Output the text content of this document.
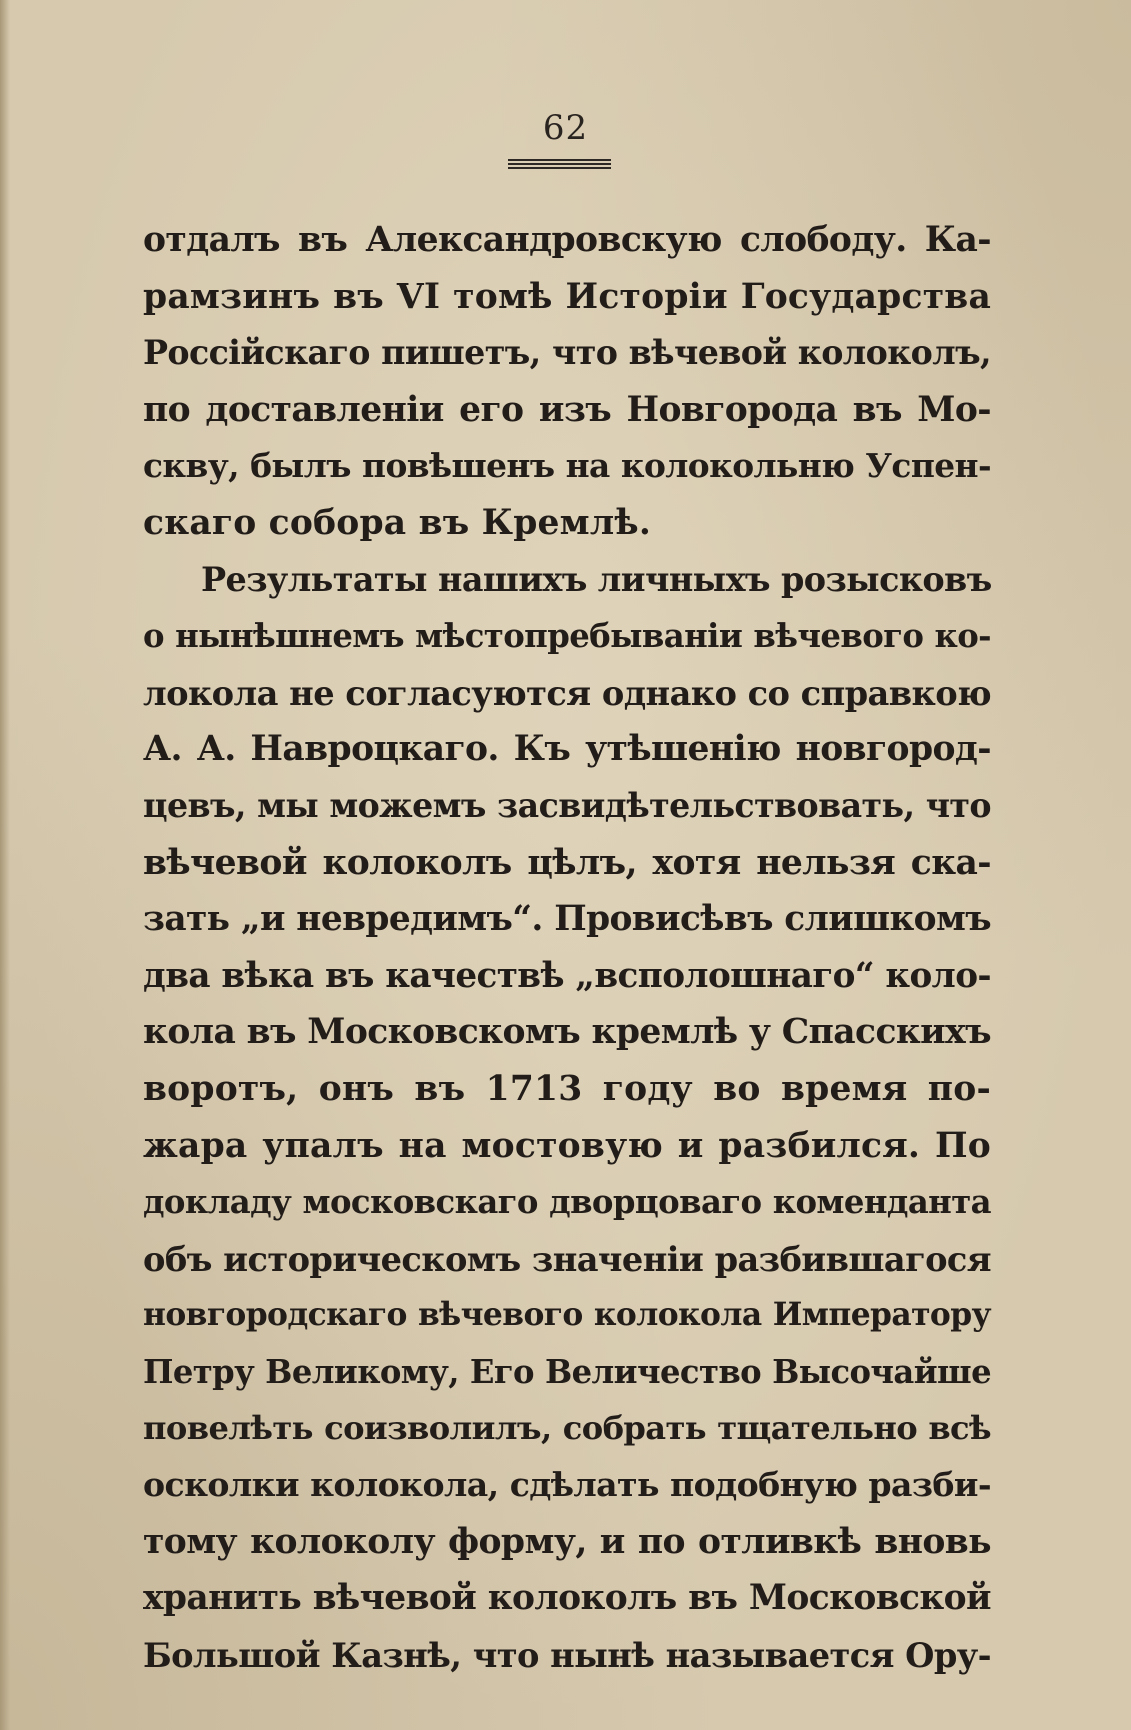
62
отдалъ въ Александровскую слободу. Ка-
рамзинъ въ VI томѣ Исторіи Государства
Россійскаго пишетъ, что вѣчевой колоколъ,
по доставленіи его изъ Новгорода въ Мо-
скву, былъ повѣшенъ на колокольню Успен-
скаго собора въ Кремлѣ.
Результаты нашихъ личныхъ розысковъ
о нынѣшнемъ мѣстопребываніи вѣчевого ко-
локола не согласуются однако со справкою
А. А. Навроцкаго. Къ утѣшенію новгород-
цевъ, мы можемъ засвидѣтельствовать, что
вѣчевой колоколъ цѣлъ, хотя нельзя ска-
зать „и невредимъ“. Провисѣвъ слишкомъ
два вѣка въ качествѣ „всполошнаго“ коло-
кола въ Московскомъ кремлѣ у Спасскихъ
воротъ, онъ въ 1713 году во время по-
жара упалъ на мостовую и разбился. По
докладу московскаго дворцоваго коменданта
объ историческомъ значеніи разбившагося
новгородскаго вѣчевого колокола Императору
Петру Великому, Его Величество Высочайше
повелѣть соизволилъ, собрать тщательно всѣ
осколки колокола, сдѣлать подобную разби-
тому колоколу форму, и по отливкѣ вновь
хранить вѣчевой колоколъ въ Московской
Большой Казнѣ, что нынѣ называется Ору-
